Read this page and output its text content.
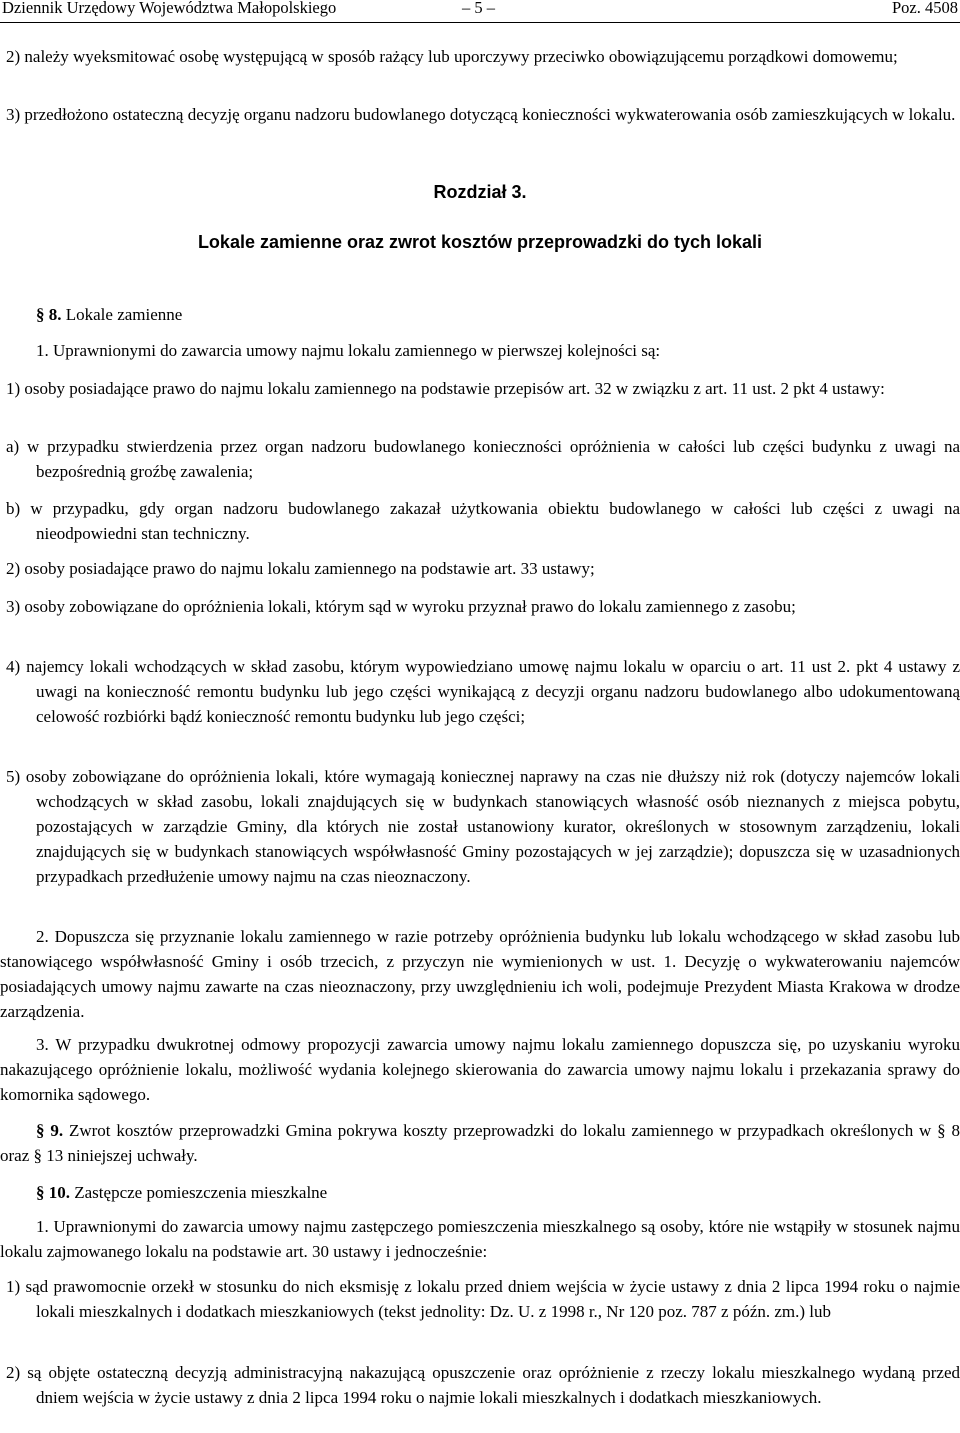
Dziennik Urzędowy Województwa Małopolskiego	– 5 –	Poz. 4508

2) należy wyeksmitować osobę występującą w sposób rażący lub uporczywy przeciwko obowiązującemu porządkowi domowemu;

3) przedłożono ostateczną decyzję organu nadzoru budowlanego dotyczącą konieczności wykwaterowania osób zamieszkujących w lokalu.

Rozdział 3.
Lokale zamienne oraz zwrot kosztów przeprowadzki do tych lokali

§ 8. Lokale zamienne

1. Uprawnionymi do zawarcia umowy najmu lokalu zamiennego w pierwszej kolejności są:

1) osoby posiadające prawo do najmu lokalu zamiennego na podstawie przepisów art. 32 w związku z art. 11 ust. 2 pkt 4 ustawy:

a) w przypadku stwierdzenia przez organ nadzoru budowlanego konieczności opróżnienia w całości lub części budynku z uwagi na bezpośrednią groźbę zawalenia;

b) w przypadku, gdy organ nadzoru budowlanego zakazał użytkowania obiektu budowlanego w całości lub części z uwagi na nieodpowiedni stan techniczny.

2) osoby posiadające prawo do najmu lokalu zamiennego na podstawie art. 33 ustawy;

3) osoby zobowiązane do opróżnienia lokali, którym sąd w wyroku przyznał prawo do lokalu zamiennego z zasobu;

4) najemcy lokali wchodzących w skład zasobu, którym wypowiedziano umowę najmu lokalu w oparciu o art. 11 ust 2. pkt 4 ustawy z uwagi na konieczność remontu budynku lub jego części wynikającą z decyzji organu nadzoru budowlanego albo udokumentowaną celowość rozbiórki bądź konieczność remontu budynku lub jego części;

5) osoby zobowiązane do opróżnienia lokali, które wymagają koniecznej naprawy na czas nie dłuższy niż rok (dotyczy najemców lokali wchodzących w skład zasobu, lokali znajdujących się w budynkach stanowiących własność osób nieznanych z miejsca pobytu, pozostających w zarządzie Gminy, dla których nie został ustanowiony kurator, określonych w stosownym zarządzeniu, lokali znajdujących się w budynkach stanowiących współwłasność Gminy pozostających w jej zarządzie); dopuszcza się w uzasadnionych przypadkach przedłużenie umowy najmu na czas nieoznaczony.

2. Dopuszcza się przyznanie lokalu zamiennego w razie potrzeby opróżnienia budynku lub lokalu wchodzącego w skład zasobu lub stanowiącego współwłasność Gminy i osób trzecich, z przyczyn nie wymienionych w ust. 1. Decyzję o wykwaterowaniu najemców posiadających umowy najmu zawarte na czas nieoznaczony, przy uwzględnieniu ich woli, podejmuje Prezydent Miasta Krakowa w drodze zarządzenia.

3. W przypadku dwukrotnej odmowy propozycji zawarcia umowy najmu lokalu zamiennego dopuszcza się, po uzyskaniu wyroku nakazującego opróżnienie lokalu, możliwość wydania kolejnego skierowania do zawarcia umowy najmu lokalu i przekazania sprawy do komornika sądowego.

§ 9. Zwrot kosztów przeprowadzki Gmina pokrywa koszty przeprowadzki do lokalu zamiennego w przypadkach określonych w § 8 oraz § 13 niniejszej uchwały.

§ 10. Zastępcze pomieszczenia mieszkalne

1. Uprawnionymi do zawarcia umowy najmu zastępczego pomieszczenia mieszkalnego są osoby, które nie wstąpiły w stosunek najmu lokalu zajmowanego lokalu na podstawie art. 30 ustawy i jednocześnie:

1) sąd prawomocnie orzekł w stosunku do nich eksmisję z lokalu przed dniem wejścia w życie ustawy z dnia 2 lipca 1994 roku o najmie lokali mieszkalnych i dodatkach mieszkaniowych (tekst jednolity: Dz. U. z 1998 r., Nr 120 poz. 787 z późn. zm.) lub

2) są objęte ostateczną decyzją administracyjną nakazującą opuszczenie oraz opróżnienie z rzeczy lokalu mieszkalnego wydaną przed dniem wejścia w życie ustawy z dnia 2 lipca 1994 roku o najmie lokali mieszkalnych i dodatkach mieszkaniowych.
